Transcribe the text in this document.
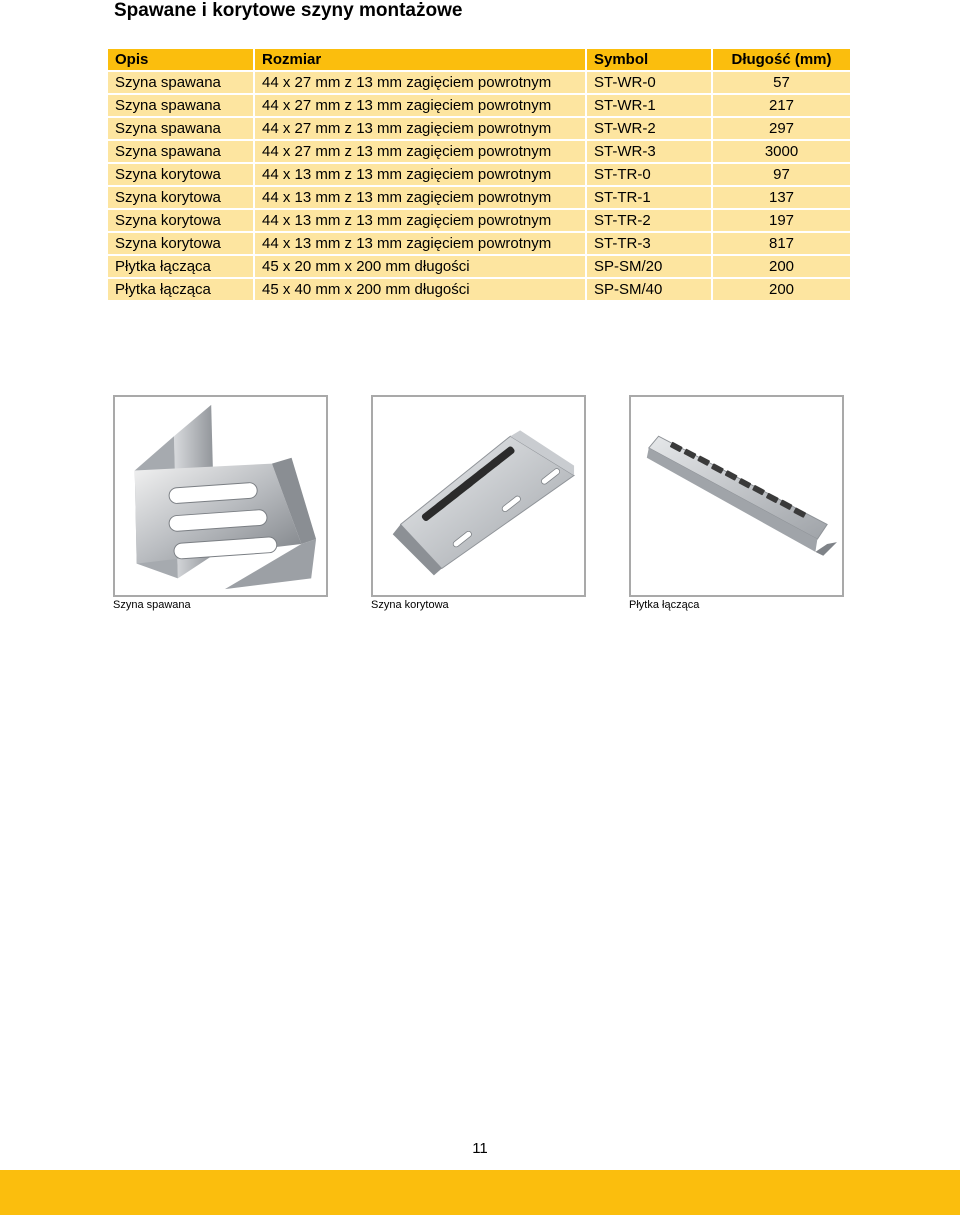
Spawane i korytowe szyny montażowe
Opis	Rozmiar	Symbol	Długość (mm)
Szyna spawana	44 x 27 mm z 13 mm zagięciem powrotnym	ST-WR-0	57
Szyna spawana	44 x 27 mm z 13 mm zagięciem powrotnym	ST-WR-1	217
Szyna spawana	44 x 27 mm z 13 mm zagięciem powrotnym	ST-WR-2	297
Szyna spawana	44 x 27 mm z 13 mm zagięciem powrotnym	ST-WR-3	3000
Szyna korytowa	44 x 13 mm z 13 mm zagięciem powrotnym	ST-TR-0	97
Szyna korytowa	44 x 13 mm z 13 mm zagięciem powrotnym	ST-TR-1	137
Szyna korytowa	44 x 13 mm z 13 mm zagięciem powrotnym	ST-TR-2	197
Szyna korytowa	44 x 13 mm z 13 mm zagięciem powrotnym	ST-TR-3	817
Płytka łącząca	45 x 20 mm x 200 mm długości	SP-SM/20	200
Płytka łącząca	45 x 40 mm x 200 mm długości	SP-SM/40	200
Szyna spawana	Szyna korytowa	Płytka łącząca
11
